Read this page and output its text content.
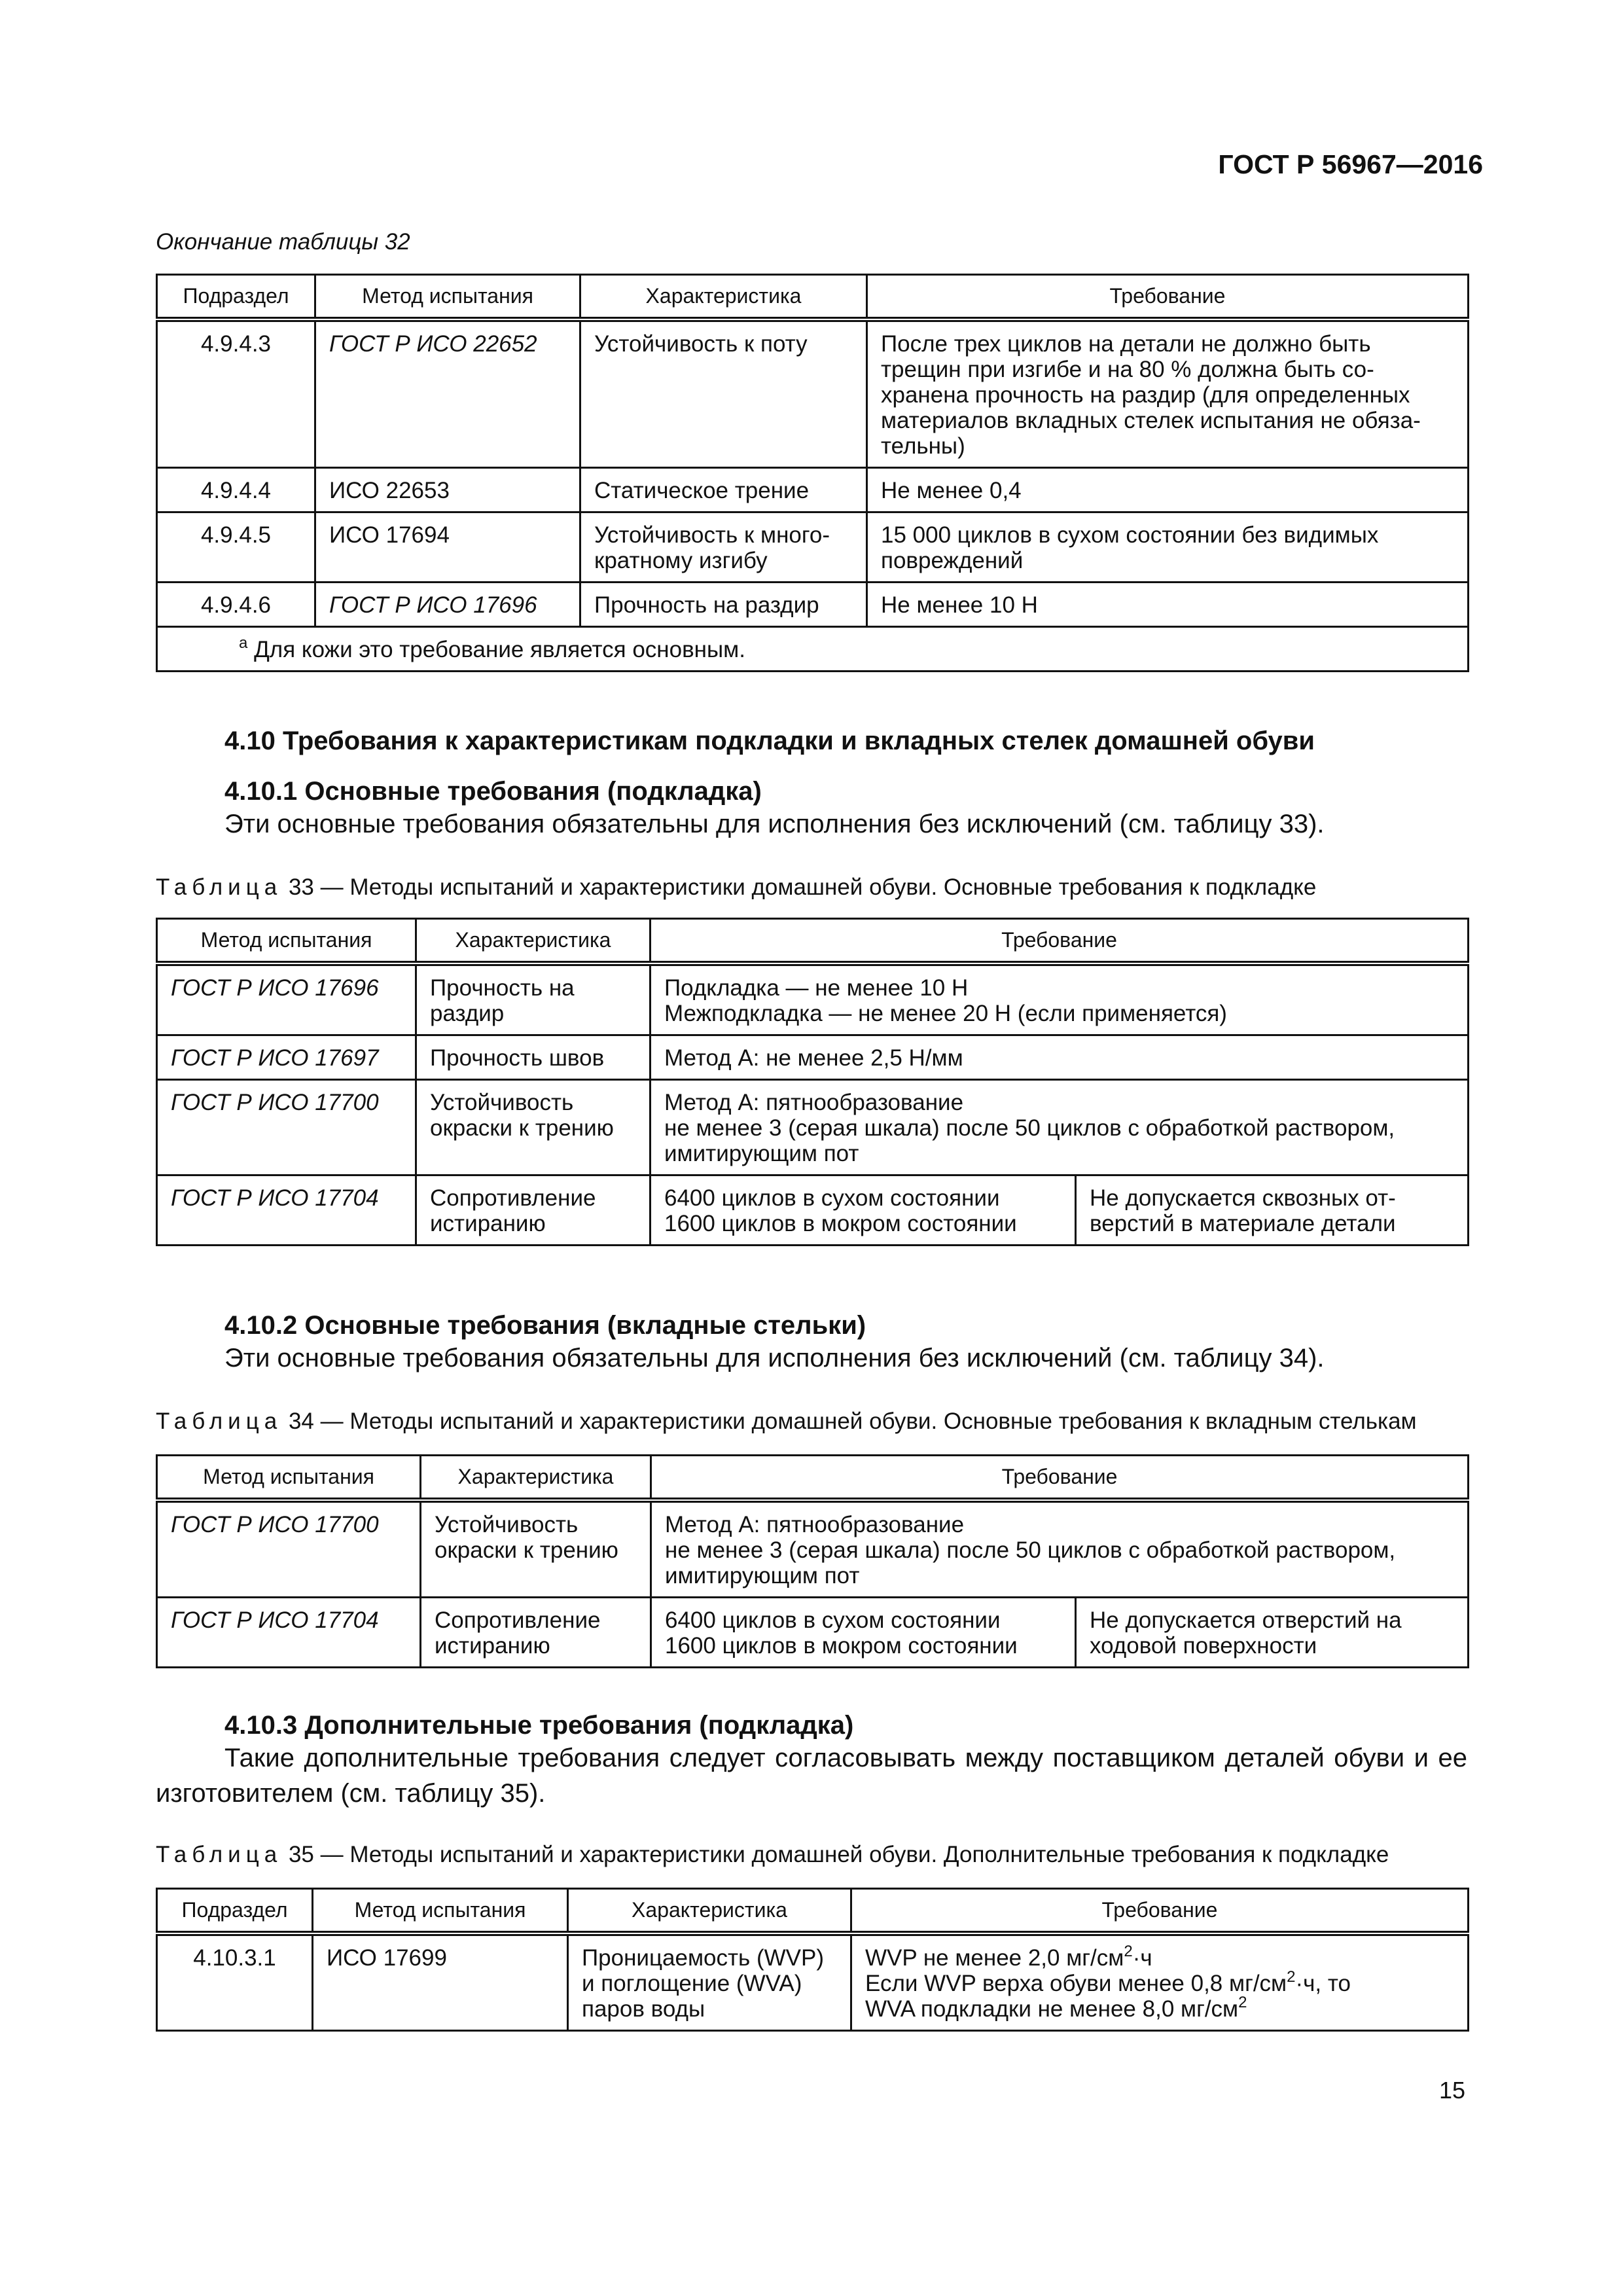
ГОСТ Р 56967—2016
Окончание таблицы 32
Подраздел	Метод испытания	Характеристика	Требование
4.9.4.3	ГОСТ Р ИСО 22652	Устойчивость к поту	После трех циклов на детали не должно быть
трещин при изгибе и на 80 % должна быть со-
хранена прочность на раздир (для определенных
материалов вкладных стелек испытания не обяза-
тельны)

4.9.4.4	ИСО 22653	Статическое трение	Не менее 0,4
4.9.4.5	ИСО 17694	Устойчивость к много- кратному изгибу	15 000 циклов в сухом состоянии без видимых
повреждений

4.9.4.6	ГОСТ Р ИСО 17696	Прочность на раздир	Не менее 10 Н
$^a$ Для кожи это требование является основным.			
4.10 Требования к характеристикам подкладки и вкладных стелек домашней обуви
4.10.1 Основные требования (подкладка)
Эти основные требования обязательны для исполнения без исключений (см. таблицу 33).
Таблица 33 — Методы испытаний и характеристики домашней обуви. Основные требования к подкладке
Метод испытания	Характеристика	Требование	
ГОСТ Р ИСО 17696	Прочность на раздир	Подкладка — не менее 10 Н
Межподкладка — не менее 20 Н (если применяется)	

ГОСТ Р ИСО 17697	Прочность швов	Метод А: не менее 2,5 Н/мм	
ГОСТ Р ИСО 17700	Устойчивость окраски к трению	Метод А: пятнообразование
не менее 3 (серая шкала) после 50 циклов с обработкой раствором,
имитирующим пот	

ГОСТ Р ИСО 17704	Сопротивление истиранию	6400 циклов в сухом состоянии
1600 циклов в мокром состоянии	Не допускается сквозных от-
верстий в материале детали
4.10.2 Основные требования (вкладные стельки)
Эти основные требования обязательны для исполнения без исключений (см. таблицу 34).
Таблица 34 — Методы испытаний и характеристики домашней обуви. Основные требования к вкладным стелькам
Метод испытания	Характеристика	Требование	
ГОСТ Р ИСО 17700	Устойчивость окраски к трению	Метод А: пятнообразование
не менее 3 (серая шкала) после 50 циклов с обработкой раствором,
имитирующим пот	

ГОСТ Р ИСО 17704	Сопротивление истиранию	6400 циклов в сухом состоянии
1600 циклов в мокром состоянии	Не допускается отверстий на
ходовой поверхности
4.10.3 Дополнительные требования (подкладка)
Такие дополнительные требования следует согласовывать между поставщиком деталей обуви и ее изготовителем (см. таблицу 35).
Таблица 35 — Методы испытаний и характеристики домашней обуви. Дополнительные требования к подкладке
Подраздел	Метод испытания	Характеристика	Требование
4.10.3.1	ИСО 17699	Проницаемость (WVP) и поглощение (WVA) паров воды	WVP не менее 2,0 $мг/см^2\cdot ч$
Если WVP верха обуви менее 0,8 $мг/см^2\cdot ч$, то
WVA подкладки не менее 8,0 $мг/см^2$
15
